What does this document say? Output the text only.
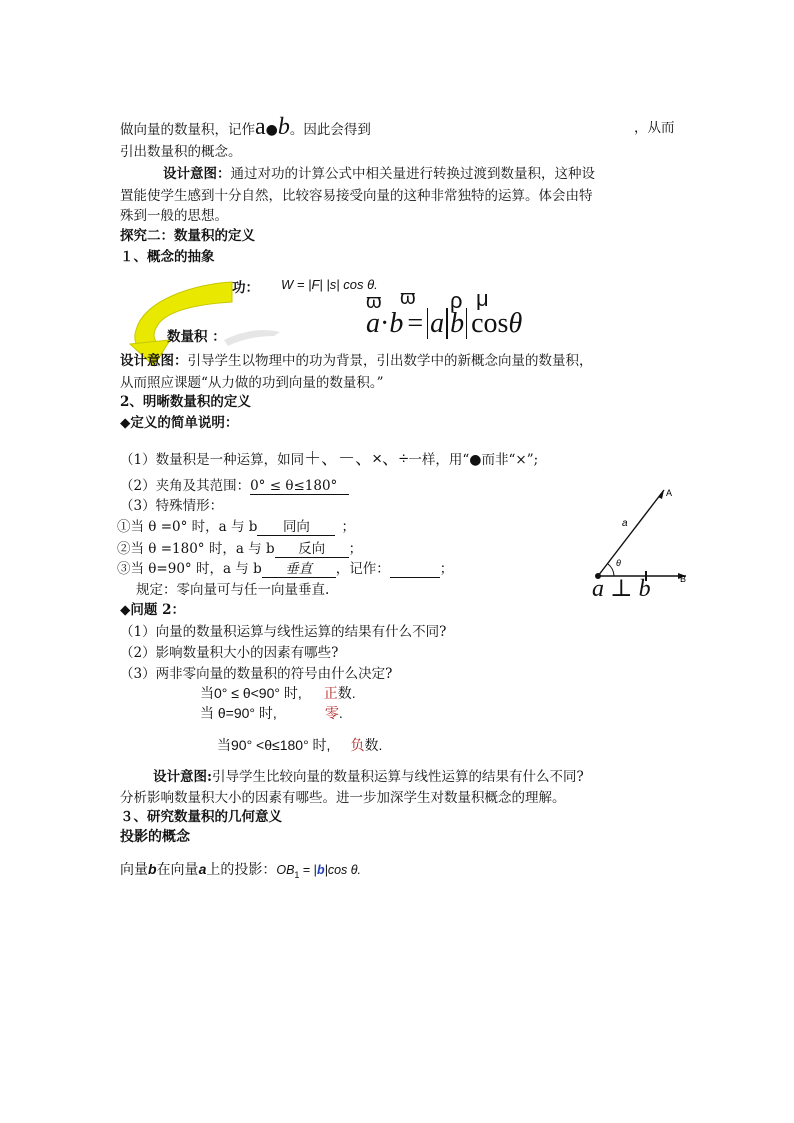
做向量的数量积，记作a●b。因此会得到	，从而
引出数量积的概念。
设计意图：通过对功的计算公式中相关量进行转换过渡到数量积，这种设
置能使学生感到十分自然，比较容易接受向量的这种非常独特的运算。体会由特
殊到一般的思想。
探究二：数量积的定义
１、概念的抽象
功： W = |F| |s| cos θ.
数量积 ：	a·b = a b cosθ
ϖ ϖ ρ μ
设计意图：引导学生以物理中的功为背景，引出数学中的新概念向量的数量积，
从而照应课题“从力做的功到向量的数量积。”
2、明晰数量积的定义
◆定义的简单说明：
（1）数量积是一种运算，如同＋、－、×、÷一样，用“●而非“×”;
（2）夹角及其范围：0° ≤ θ≤180°
（3）特殊情形：
①当 θ =0° 时，a 与 b 同向 ；
②当 θ =180° 时，a 与 b 反向 ；
③当 θ=90° 时，a 与 b 垂直 ，记作：	；
规定：零向量可与任一向量垂直.
A
a
θ
B
a ⊥ b
◆问题 2：
（1）向量的数量积运算与线性运算的结果有什么不同?
（2）影响数量积大小的因素有哪些?
（3）两非零向量的数量积的符号由什么决定?
当0° ≤ θ<90° 时, 正数.
当 θ=90° 时,	零.
当90° <θ≤180° 时, 负数.
设计意图:引导学生比较向量的数量积运算与线性运算的结果有什么不同?
分析影响数量积大小的因素有哪些。进一步加深学生对数量积概念的理解。
３、研究数量积的几何意义
投影的概念
向量b在向量a上的投影：$OB_1 = |b|\cos$ θ.
